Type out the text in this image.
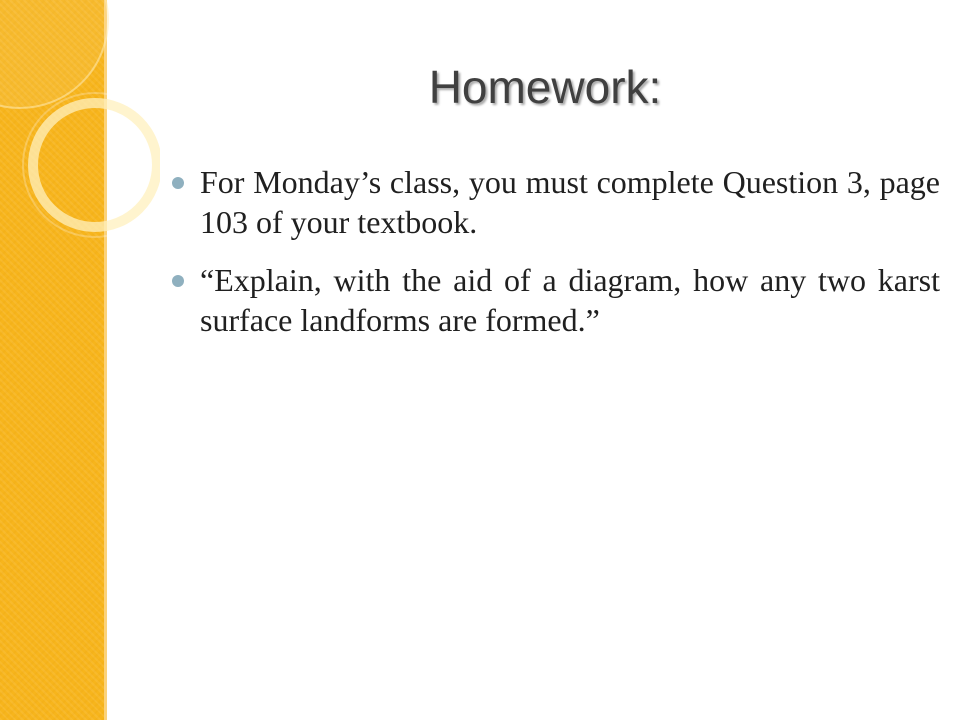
Homework:
For Monday’s class, you must complete Question 3, page 103 of your textbook.
“Explain, with the aid of a diagram, how any two karst surface landforms are formed.”
